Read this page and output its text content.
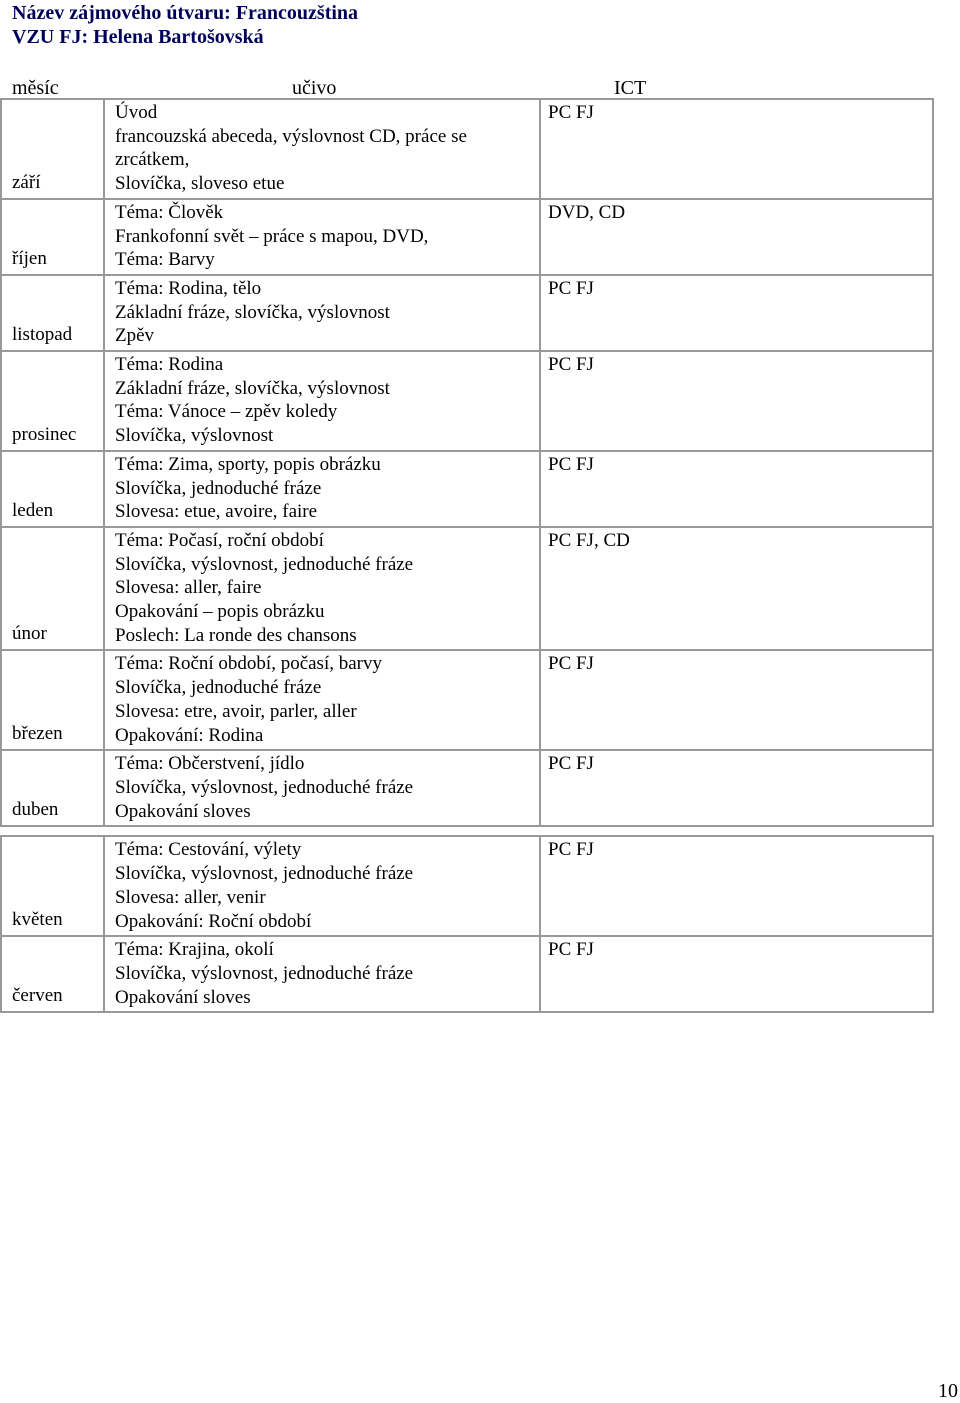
Název zájmového útvaru: Francouzština
VZU FJ: Helena Bartošovská
měsíc	učivo	ICT
září
Úvod
francouzská abeceda, výslovnost CD, práce se
zrcátkem,
Slovíčka, sloveso etue
PC FJ
říjen
Téma: Člověk
Frankofonní svět – práce s mapou, DVD,
Téma: Barvy
DVD, CD
listopad
Téma: Rodina, tělo
Základní fráze, slovíčka, výslovnost
Zpěv
PC FJ
prosinec
Téma: Rodina
Základní fráze, slovíčka, výslovnost
Téma: Vánoce – zpěv koledy
Slovíčka, výslovnost
PC FJ
leden
Téma: Zima, sporty, popis obrázku
Slovíčka, jednoduché fráze
Slovesa: etue, avoire, faire
PC FJ
únor
Téma: Počasí, roční období
Slovíčka, výslovnost, jednoduché fráze
Slovesa: aller, faire
Opakování – popis obrázku
Poslech: La ronde des chansons
PC FJ, CD
březen
Téma: Roční období, počasí, barvy
Slovíčka, jednoduché fráze
Slovesa: etre, avoir, parler, aller
Opakování: Rodina
PC FJ
duben
Téma: Občerstvení, jídlo
Slovíčka, výslovnost, jednoduché fráze
Opakování sloves
PC FJ
květen
Téma: Cestování, výlety
Slovíčka, výslovnost, jednoduché fráze
Slovesa: aller, venir
Opakování: Roční období
PC FJ
červen
Téma: Krajina, okolí
Slovíčka, výslovnost, jednoduché fráze
Opakování sloves
PC FJ
10
